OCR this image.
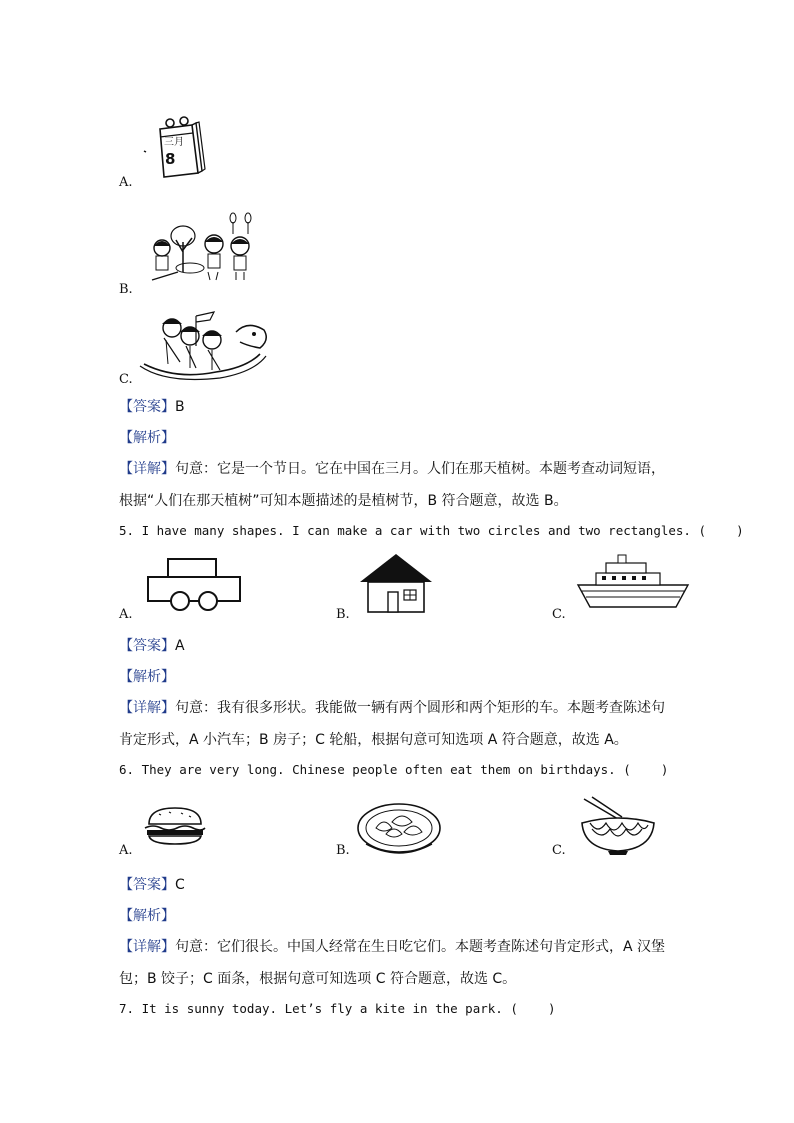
三月
8
A.
B.
C.
【答案】B
【解析】
【详解】句意：它是一个节日。它在中国在三月。人们在那天植树。本题考查动词短语，
根据“人们在那天植树”可知本题描述的是植树节，B 符合题意，故选 B。
5. I have many shapes. I can make a car with two circles and two rectangles. (    )
A.	B.	C.
【答案】A
【解析】
【详解】句意：我有很多形状。我能做一辆有两个圆形和两个矩形的车。本题考查陈述句
肯定形式，A 小汽车；B 房子；C 轮船，根据句意可知选项 A 符合题意，故选 A。
6. They are very long. Chinese people often eat them on birthdays. (    )
A.	B.	C.
【答案】C
【解析】
【详解】句意：它们很长。中国人经常在生日吃它们。本题考查陈述句肯定形式，A 汉堡
包；B 饺子；C 面条，根据句意可知选项 C 符合题意，故选 C。
7. It is sunny today. Let’s fly a kite in the park. (    )
